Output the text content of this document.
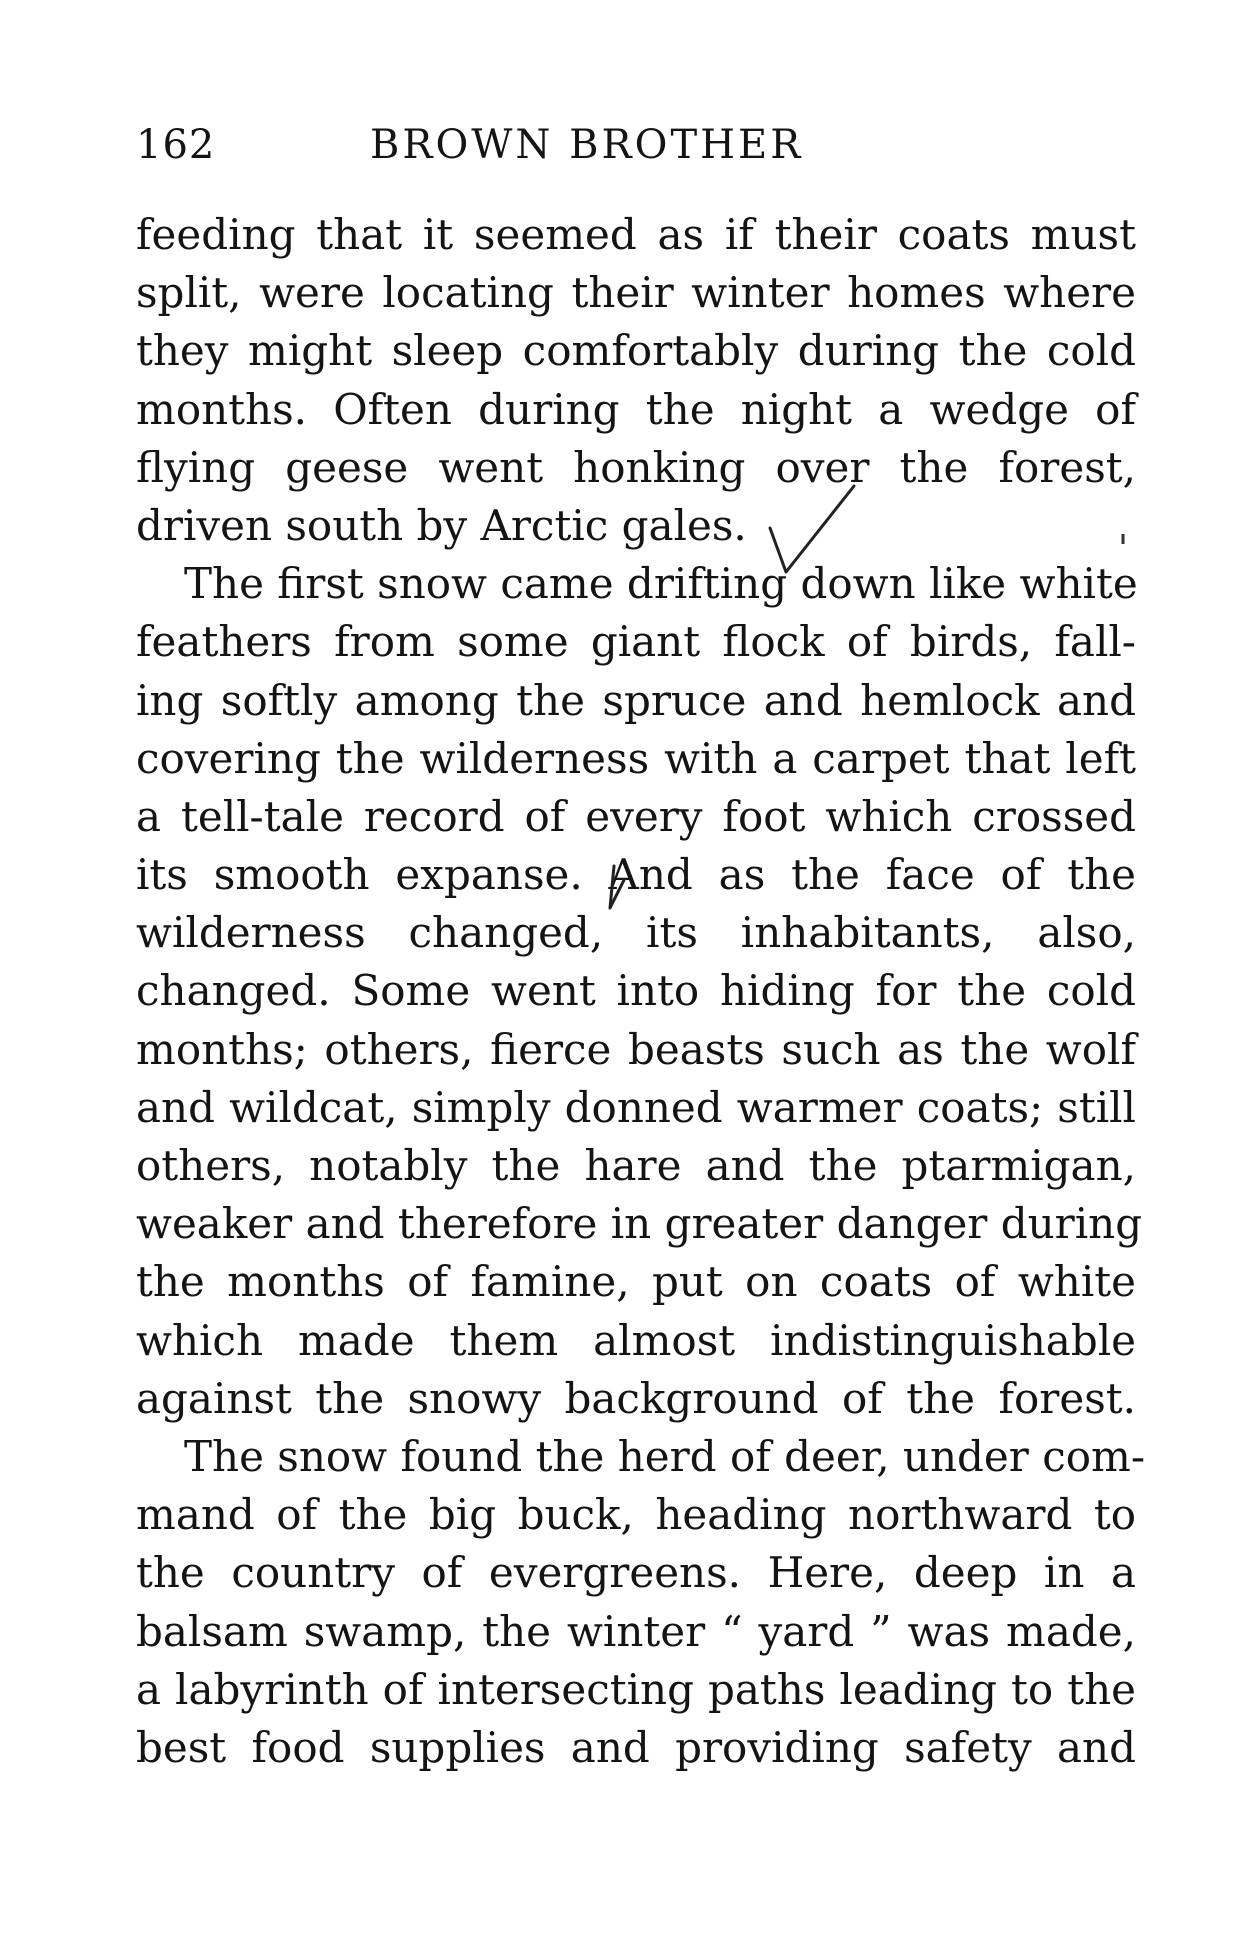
162	BROWN BROTHER
feeding that it seemed as if their coats must
split, were locating their winter homes where
they might sleep comfortably during the cold
months. Often during the night a wedge of
flying geese went honking over the forest,
driven south by Arctic gales.
The first snow came drifting down like white
feathers from some giant flock of birds, fall-
ing softly among the spruce and hemlock and
covering the wilderness with a carpet that left
a tell-tale record of every foot which crossed
its smooth expanse. And as the face of the
wilderness changed, its inhabitants, also,
changed. Some went into hiding for the cold
months; others, fierce beasts such as the wolf
and wildcat, simply donned warmer coats; still
others, notably the hare and the ptarmigan,
weaker and therefore in greater danger during
the months of famine, put on coats of white
which made them almost indistinguishable
against the snowy background of the forest.
The snow found the herd of deer, under com-
mand of the big buck, heading northward to
the country of evergreens. Here, deep in a
balsam swamp, the winter “ yard ” was made,
a labyrinth of intersecting paths leading to the
best food supplies and providing safety and
